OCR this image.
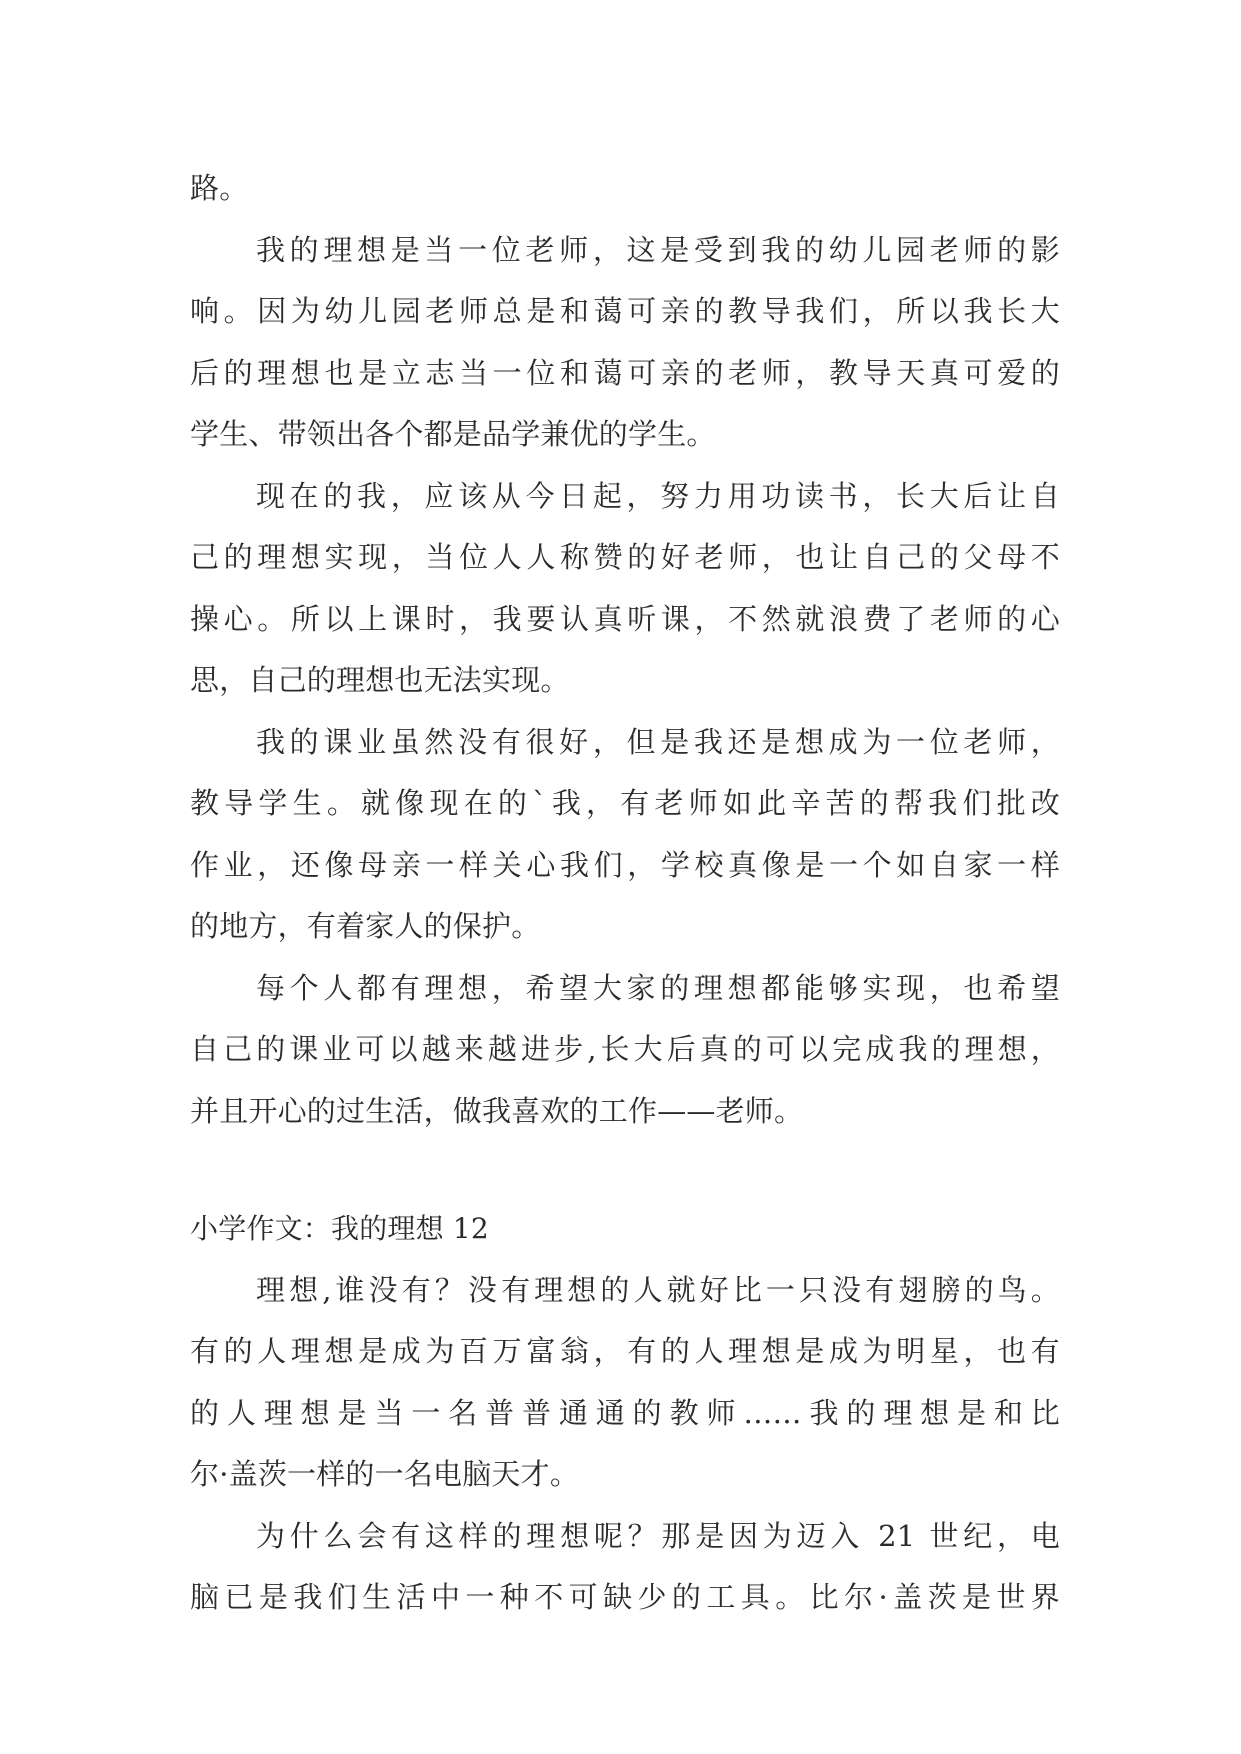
路。
我的理想是当一位老师，这是受到我的幼儿园老师的影
响。因为幼儿园老师总是和蔼可亲的教导我们，所以我长大
后的理想也是立志当一位和蔼可亲的老师，教导天真可爱的
学生、带领出各个都是品学兼优的学生。
现在的我，应该从今日起，努力用功读书，长大后让自
己的理想实现，当位人人称赞的好老师，也让自己的父母不
操心。所以上课时，我要认真听课，不然就浪费了老师的心
思，自己的理想也无法实现。
我的课业虽然没有很好，但是我还是想成为一位老师，
教导学生。就像现在的`我，有老师如此辛苦的帮我们批改
作业，还像母亲一样关心我们，学校真像是一个如自家一样
的地方，有着家人的保护。
每个人都有理想，希望大家的理想都能够实现，也希望
自己的课业可以越来越进步,长大后真的可以完成我的理想，
并且开心的过生活，做我喜欢的工作——老师。
小学作文：我的理想 12
理想,谁没有？没有理想的人就好比一只没有翅膀的鸟。
有的人理想是成为百万富翁，有的人理想是成为明星，也有
的人理想是当一名普普通通的教师……我的理想是和比
尔·盖茨一样的一名电脑天才。
为什么会有这样的理想呢？那是因为迈入 21 世纪，电
脑已是我们生活中一种不可缺少的工具。比尔·盖茨是世界
